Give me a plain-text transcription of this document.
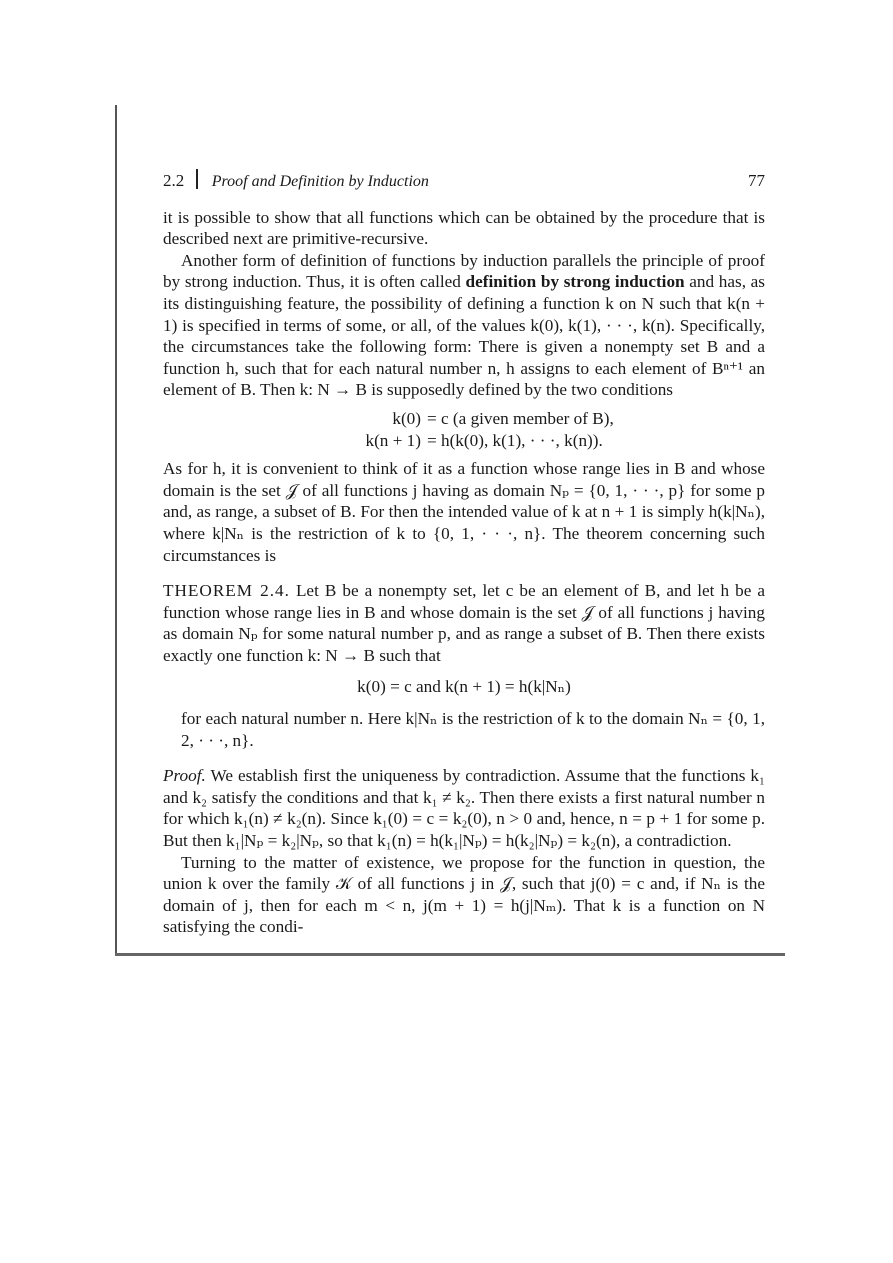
2.2 Proof and Definition by Induction	77

it is possible to show that all functions which can be obtained by the procedure that is described next are primitive-recursive.

Another form of definition of functions by induction parallels the principle of proof by strong induction. Thus, it is often called definition by strong induction and has, as its distinguishing feature, the possibility of defining a function k on N such that k(n + 1) is specified in terms of some, or all, of the values k(0), k(1), · · ·, k(n). Specifically, the circumstances take the following form: There is given a nonempty set B and a function h, such that for each natural number n, h assigns to each element of Bⁿ⁺¹ an element of B. Then k: N → B is supposedly defined by the two conditions

k(0) = c (a given member of B),
k(n + 1) = h(k(0), k(1), · · ·, k(n)).

As for h, it is convenient to think of it as a function whose range lies in B and whose domain is the set 𝒥 of all functions j having as domain Nₚ = {0, 1, · · ·, p} for some p and, as range, a subset of B. For then the intended value of k at n + 1 is simply h(k|Nₙ), where k|Nₙ is the restriction of k to {0, 1, · · ·, n}. The theorem concerning such circumstances is

THEOREM 2.4. Let B be a nonempty set, let c be an element of B, and let h be a function whose range lies in B and whose domain is the set 𝒥 of all functions j having as domain Nₚ for some natural number p, and as range a subset of B. Then there exists exactly one function k: N → B such that

k(0) = c and k(n + 1) = h(k|Nₙ)

for each natural number n. Here k|Nₙ is the restriction of k to the domain Nₙ = {0, 1, 2, · · ·, n}.

Proof. We establish first the uniqueness by contradiction. Assume that the functions k₁ and k₂ satisfy the conditions and that k₁ ≠ k₂. Then there exists a first natural number n for which k₁(n) ≠ k₂(n). Since k₁(0) = c = k₂(0), n > 0 and, hence, n = p + 1 for some p. But then k₁|Nₚ = k₂|Nₚ, so that k₁(n) = h(k₁|Nₚ) = h(k₂|Nₚ) = k₂(n), a contradiction.

Turning to the matter of existence, we propose for the function in question, the union k over the family 𝒦 of all functions j in 𝒥, such that j(0) = c and, if Nₙ is the domain of j, then for each m < n, j(m + 1) = h(j|Nₘ). That k is a function on N satisfying the condi-
